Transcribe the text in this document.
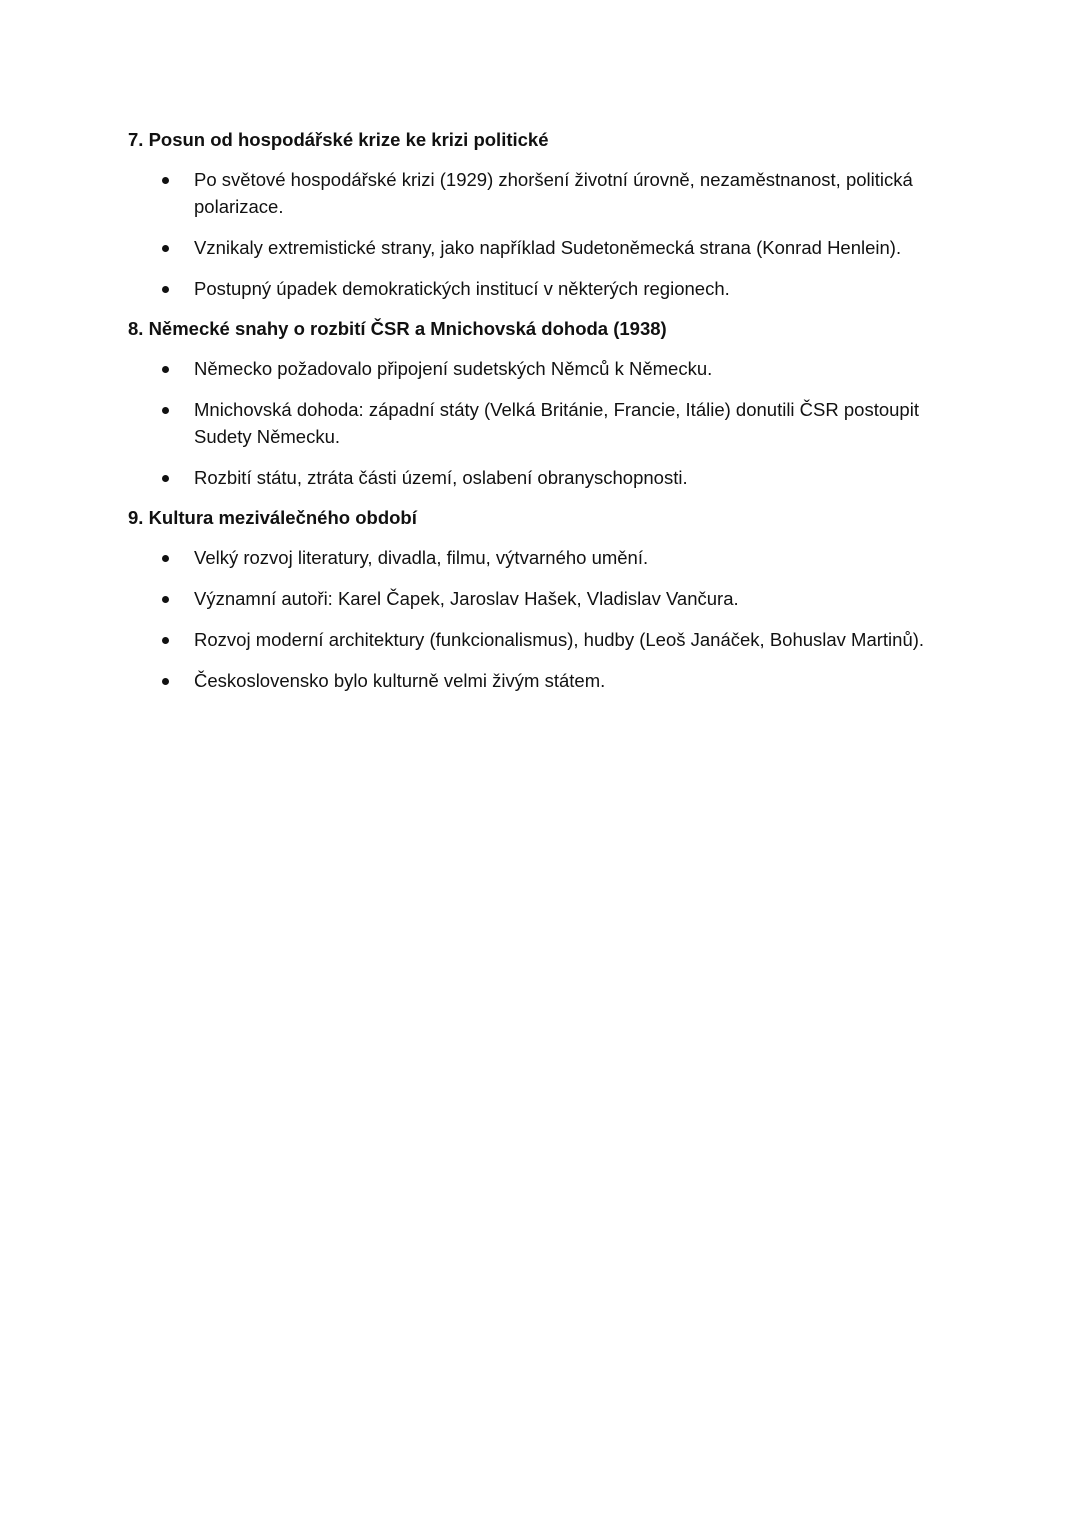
7. Posun od hospodářské krize ke krizi politické
Po světové hospodářské krizi (1929) zhoršení životní úrovně, nezaměstnanost, politická polarizace.
Vznikaly extremistické strany, jako například Sudetoněmecká strana (Konrad Henlein).
Postupný úpadek demokratických institucí v některých regionech.
8. Německé snahy o rozbití ČSR a Mnichovská dohoda (1938)
Německo požadovalo připojení sudetských Němců k Německu.
Mnichovská dohoda: západní státy (Velká Británie, Francie, Itálie) donutili ČSR postoupit Sudety Německu.
Rozbití státu, ztráta části území, oslabení obranyschopnosti.
9. Kultura meziválečného období
Velký rozvoj literatury, divadla, filmu, výtvarného umění.
Významní autoři: Karel Čapek, Jaroslav Hašek, Vladislav Vančura.
Rozvoj moderní architektury (funkcionalismus), hudby (Leoš Janáček, Bohuslav Martinů).
Československo bylo kulturně velmi živým státem.
